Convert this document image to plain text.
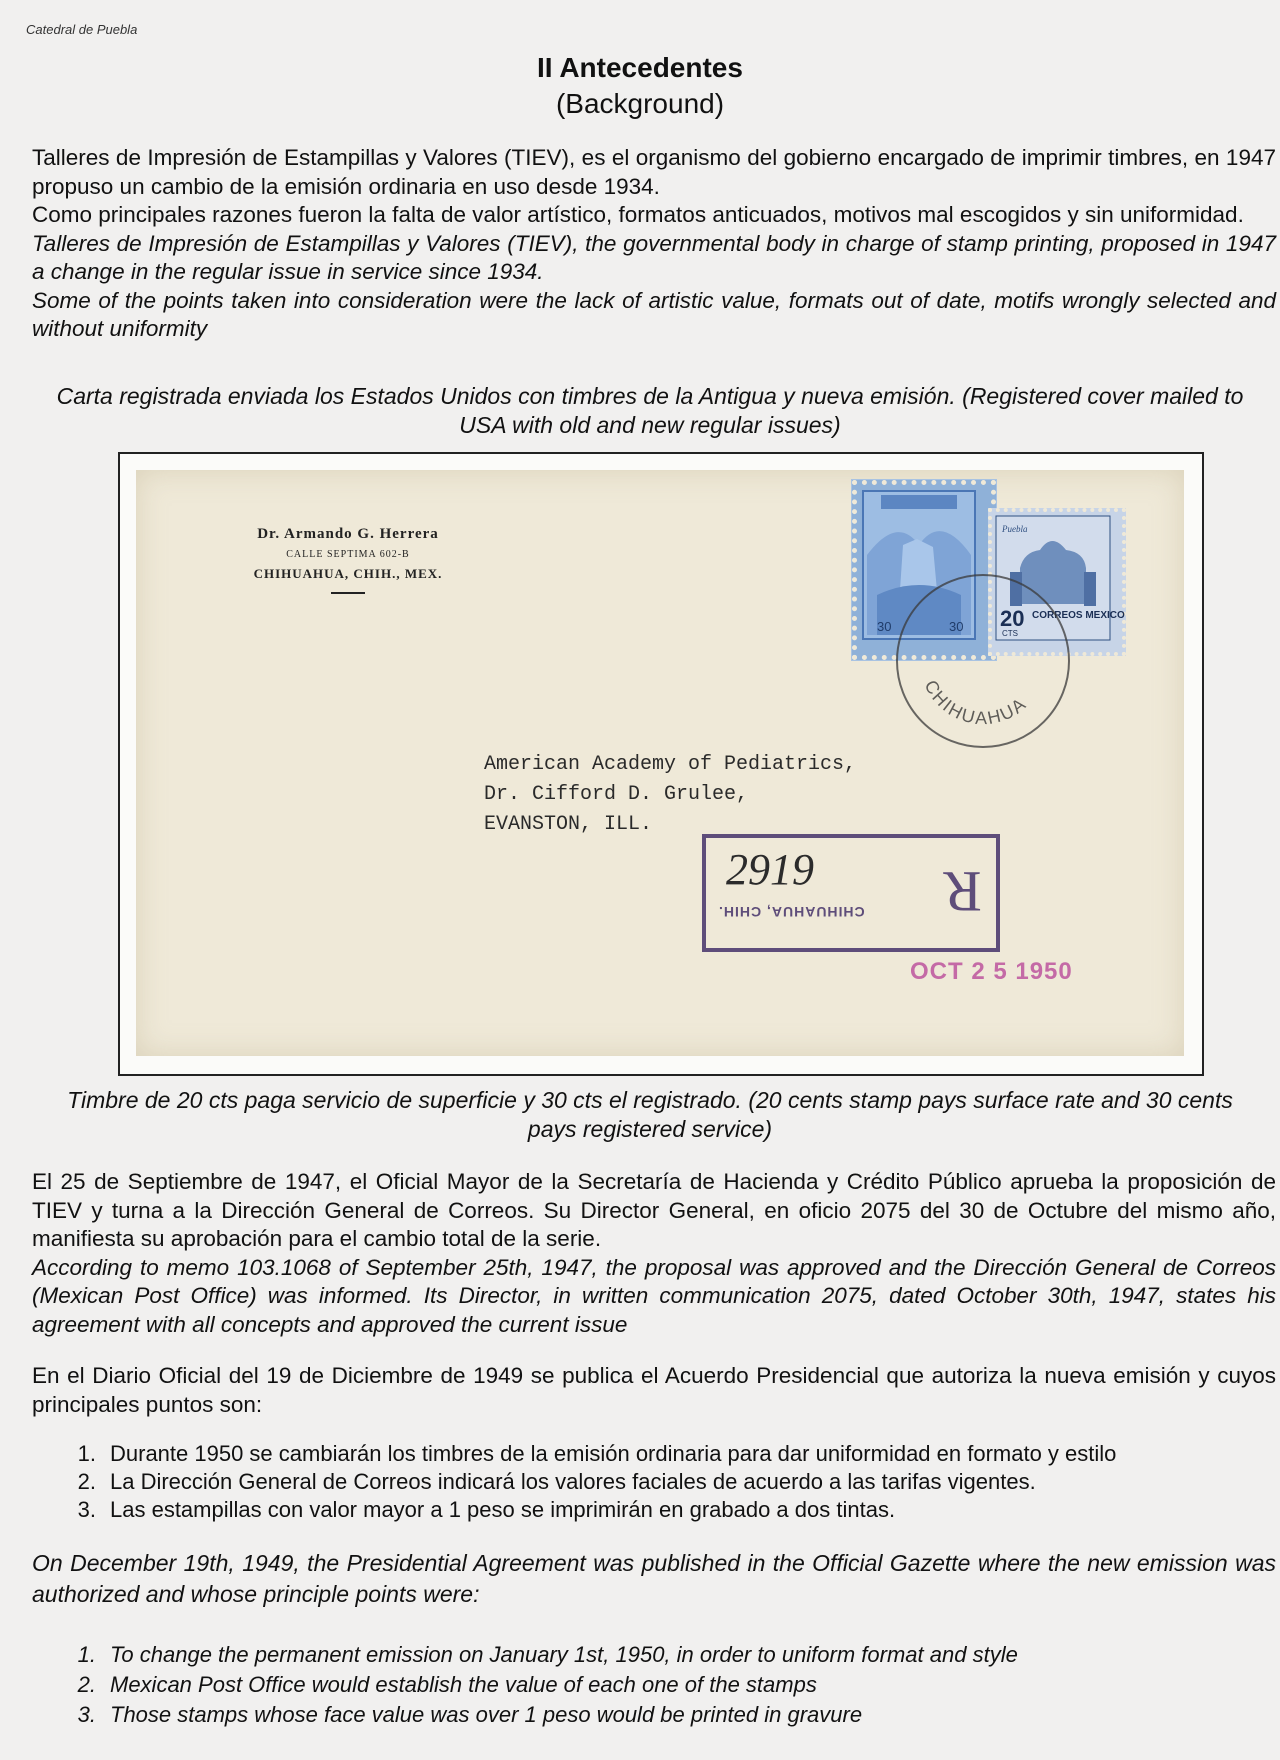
Catedral de Puebla
II Antecedentes
(Background)

Talleres de Impresión de Estampillas y Valores (TIEV), es el organismo del gobierno encargado de imprimir timbres, en 1947 propuso un cambio de la emisión ordinaria en uso desde 1934.

Como principales razones fueron la falta de valor artístico, formatos anticuados, motivos mal escogidos y sin uniformidad.

Talleres de Impresión de Estampillas y Valores (TIEV), the governmental body in charge of stamp printing, proposed in 1947 a change in the regular issue in service since 1934.

Some of the points taken into consideration were the lack of artistic value, formats out of date, motifs wrongly selected and without uniformity

Carta registrada enviada los Estados Unidos con timbres de la Antigua y nueva emisión. (Registered cover mailed to USA with old and new regular issues)
Dr. Armando G. Herrera
CALLE SEPTIMA 602-B
CHIHUAHUA, CHIH., MEX.
30	30
Puebla
20 CORREOS MEXICO
CTS
CHIHUAHUA
American Academy of Pediatrics,
Dr. Cifford D. Grulee,
EVANSTON, ILL.
2919
CHIHUAHUA, CHIH. R
OCT 2 5 1950
Timbre de 20 cts paga servicio de superficie y 30 cts el registrado. (20 cents stamp pays surface rate and 30 cents pays registered service)

El 25 de Septiembre de 1947, el Oficial Mayor de la Secretaría de Hacienda y Crédito Público aprueba la proposición de TIEV y turna a la Dirección General de Correos. Su Director General, en oficio 2075 del 30 de Octubre del mismo año, manifiesta su aprobación para el cambio total de la serie.

According to memo 103.1068 of September 25th, 1947, the proposal was approved and the Dirección General de Correos (Mexican Post Office) was informed. Its Director, in written communication 2075, dated October 30th, 1947, states his agreement with all concepts and approved the current issue

En el Diario Oficial del 19 de Diciembre de 1949 se publica el Acuerdo Presidencial que autoriza la nueva emisión y cuyos principales puntos son:
1. Durante 1950 se cambiarán los timbres de la emisión ordinaria para dar uniformidad en formato y estilo
2. La Dirección General de Correos indicará los valores faciales de acuerdo a las tarifas vigentes.
3. Las estampillas con valor mayor a 1 peso se imprimirán en grabado a dos tintas.
On December 19th, 1949, the Presidential Agreement was published in the Official Gazette where the new emission was authorized and whose principle points were:
1. To change the permanent emission on January 1st, 1950, in order to uniform format and style
2. Mexican Post Office would establish the value of each one of the stamps
3. Those stamps whose face value was over 1 peso would be printed in gravure
